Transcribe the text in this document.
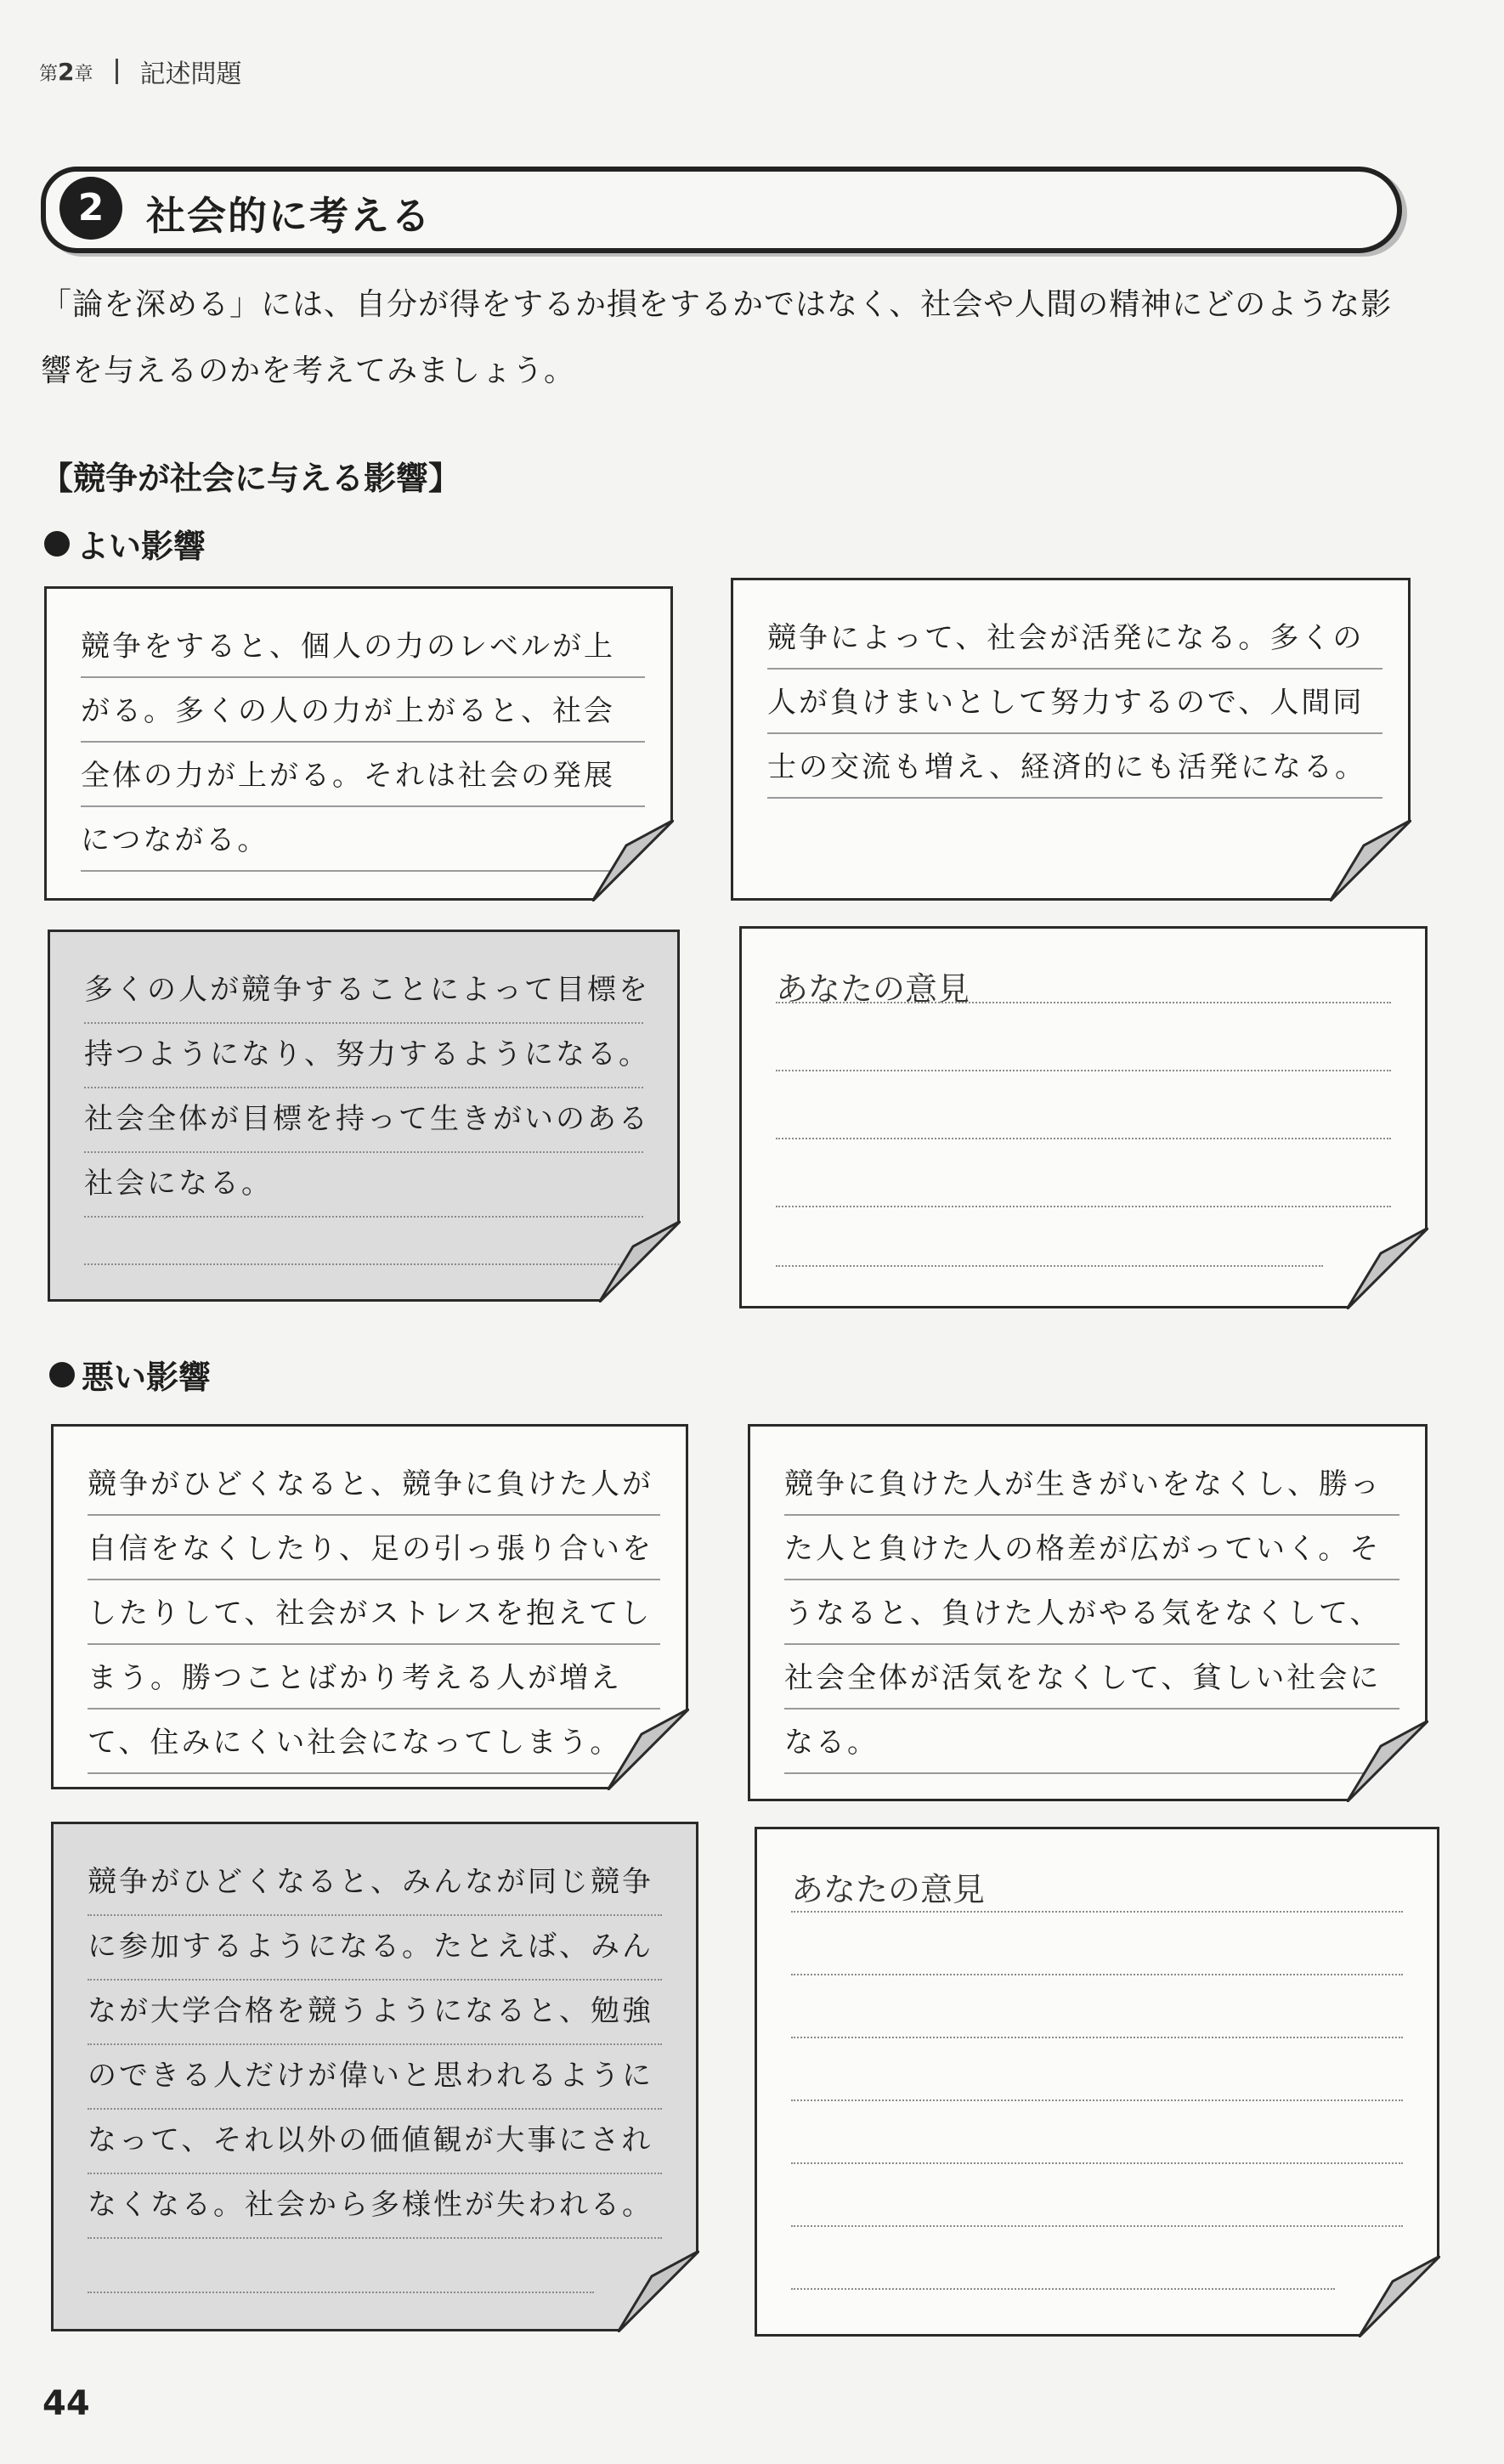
第2章 記述問題
2	社会的に考える
「論を深める」には、自分が得をするか損をするかではなく、社会や人間の精神にどのような影
響を与えるのかを考えてみましょう。
【競争が社会に与える影響】
よい影響
競争をすると、個人の力のレベルが上がる。多くの人の力が上がると、社会全体の力が上がる。それは社会の発展につながる。
競争によって、社会が活発になる。多くの人が負けまいとして努力するので、人間同士の交流も増え、経済的にも活発になる。
多くの人が競争することによって目標を持つようになり、努力するようになる。社会全体が目標を持って生きがいのある社会になる。
あなたの意見
悪い影響
競争がひどくなると、競争に負けた人が自信をなくしたり、足の引っ張り合いをしたりして、社会がストレスを抱えてしまう。勝つことばかり考える人が増えて、住みにくい社会になってしまう。
競争に負けた人が生きがいをなくし、勝った人と負けた人の格差が広がっていく。そうなると、負けた人がやる気をなくして、社会全体が活気をなくして、貧しい社会になる。
競争がひどくなると、みんなが同じ競争に参加するようになる。たとえば、みんなが大学合格を競うようになると、勉強のできる人だけが偉いと思われるようになって、それ以外の価値観が大事にされなくなる。社会から多様性が失われる。
あなたの意見
44
